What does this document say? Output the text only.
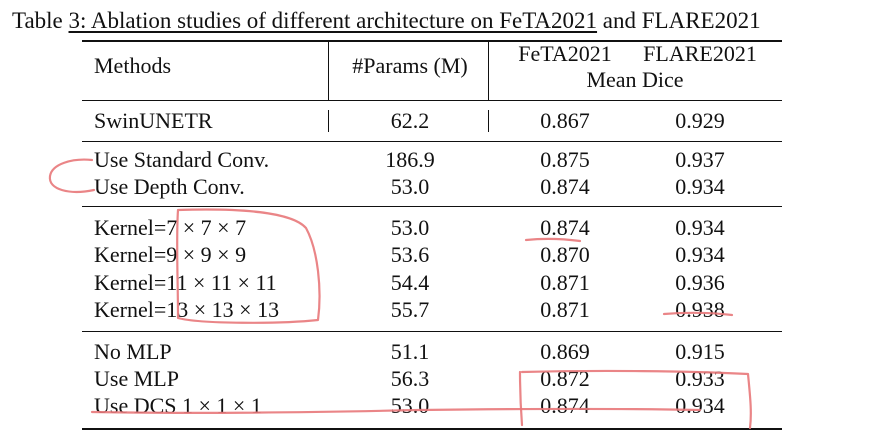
Table 3: Ablation studies of different architecture on FeTA2021 and FLARE2021
Methods	#Params (M)	FeTA2021	FLARE2021
Mean Dice
SwinUNETR	62.2	0.867	0.929
Use Standard Conv.	186.9	0.875	0.937
Use Depth Conv.	53.0	0.874	0.934
Kernel=7 × 7 × 7	53.0	0.874	0.934
Kernel=9 × 9 × 9	53.6	0.870	0.934
Kernel=11 × 11 × 11	54.4	0.871	0.936
Kernel=13 × 13 × 13	55.7	0.871	0.938
No MLP	51.1	0.869	0.915
Use MLP	56.3	0.872	0.933
Use DCS 1 × 1 × 1	53.0	0.874	0.934
